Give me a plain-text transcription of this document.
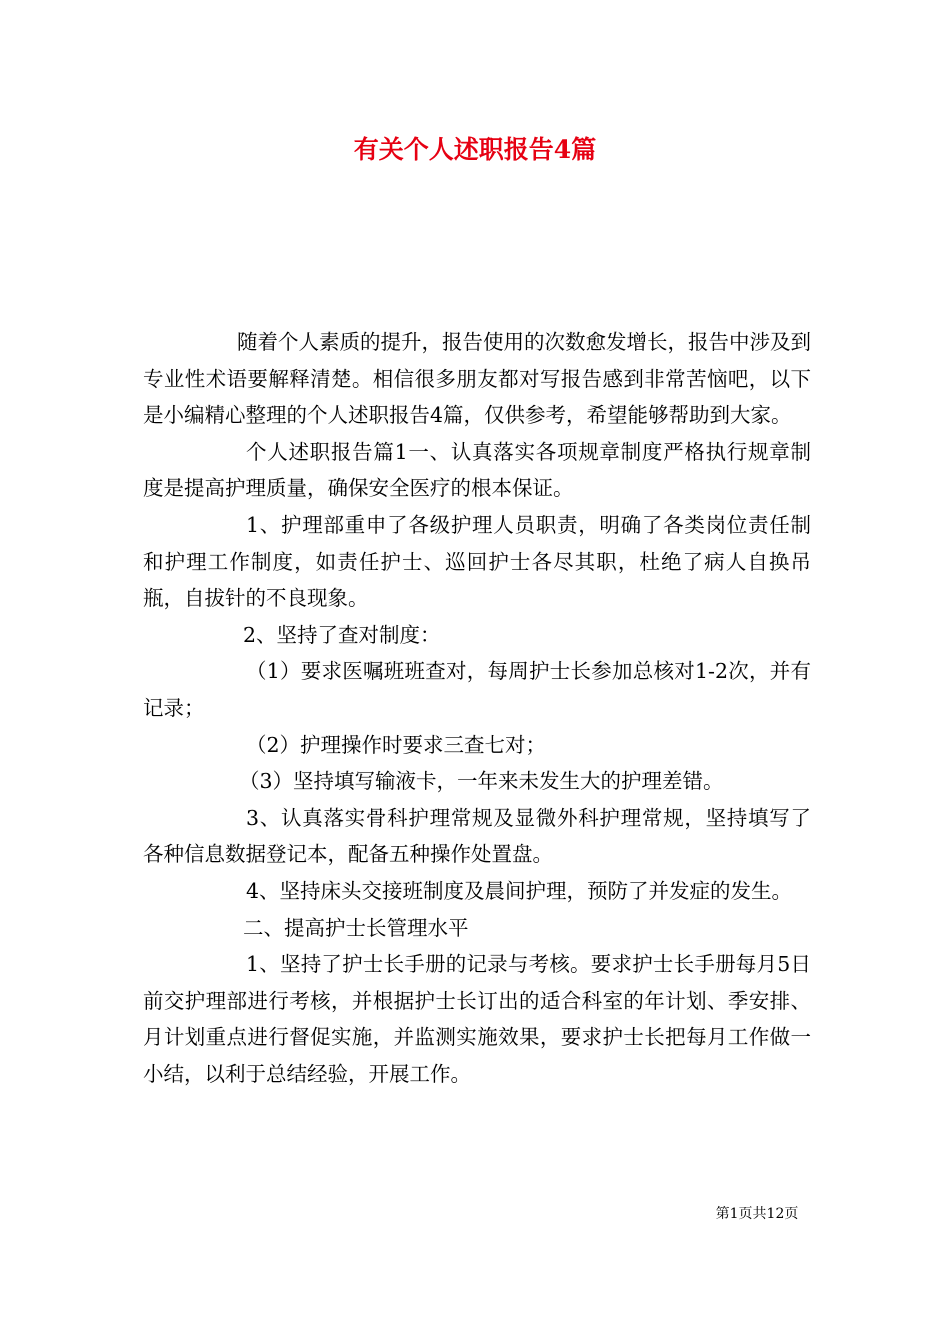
有关个人述职报告4篇

随着个人素质的提升，报告使用的次数愈发增长，报告中涉及到专业性术语要解释清楚。相信很多朋友都对写报告感到非常苦恼吧，以下是小编精心整理的个人述职报告4篇，仅供参考，希望能够帮助到大家。

个人述职报告篇1一、认真落实各项规章制度严格执行规章制度是提高护理质量，确保安全医疗的根本保证。

1、护理部重申了各级护理人员职责，明确了各类岗位责任制和护理工作制度，如责任护士、巡回护士各尽其职，杜绝了病人自换吊瓶，自拔针的不良现象。

2、坚持了查对制度：

（1）要求医嘱班班查对，每周护士长参加总核对1-2次，并有记录；

（2）护理操作时要求三查七对；

（3）坚持填写输液卡，一年来未发生大的护理差错。

3、认真落实骨科护理常规及显微外科护理常规，坚持填写了各种信息数据登记本，配备五种操作处置盘。

4、坚持床头交接班制度及晨间护理，预防了并发症的发生。

二、提高护士长管理水平

1、坚持了护士长手册的记录与考核。要求护士长手册每月5日前交护理部进行考核，并根据护士长订出的适合科室的年计划、季安排、月计划重点进行督促实施，并监测实施效果，要求护士长把每月工作做一小结，以利于总结经验，开展工作。

第1页共12页
